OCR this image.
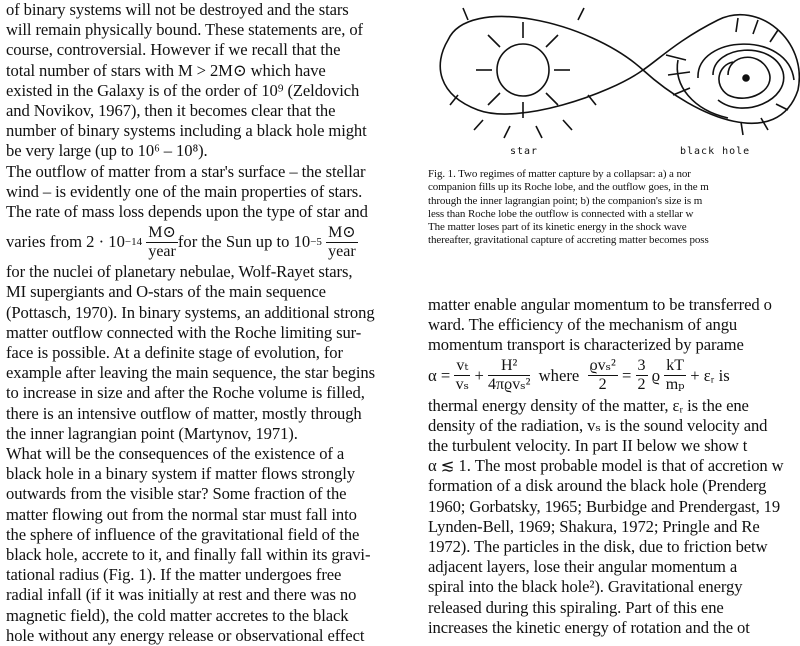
of binary systems will not be destroyed and the stars
will remain physically bound. These statements are, of
course, controversial. However if we recall that the
total number of stars with M > 2M⊙ which have
existed in the Galaxy is of the order of 10⁹ (Zeldovich
and Novikov, 1967), then it becomes clear that the
number of binary systems including a black hole might
be very large (up to 10⁶ – 10⁸).
The outflow of matter from a star's surface – the stellar
wind – is evidently one of the main properties of stars.
The rate of mass loss depends upon the type of star and
varies from 2 · 10 −14
$\frac{M⊙}{\text{year}}$ for the Sun up to 10 −5
$\frac{M⊙}{\text{year}}$
for the nuclei of planetary nebulae, Wolf-Rayet stars,
MI supergiants and O-stars of the main sequence
(Pottasch, 1970). In binary systems, an additional strong
matter outflow connected with the Roche limiting sur-
face is possible. At a definite stage of evolution, for
example after leaving the main sequence, the star begins
to increase in size and after the Roche volume is filled,
there is an intensive outflow of matter, mostly through
the inner lagrangian point (Martynov, 1971).
What will be the consequences of the existence of a
black hole in a binary system if matter flows strongly
outwards from the visible star? Some fraction of the
matter flowing out from the normal star must fall into
the sphere of influence of the gravitational field of the
black hole, accrete to it, and finally fall within its gravi-
tational radius (Fig. 1). If the matter undergoes free
radial infall (if it was initially at rest and there was no
magnetic field), the cold matter accretes to the black
hole without any energy release or observational effect
star	black hole
Fig. 1. Two regimes of matter capture by a collapsar: a) a nor
companion fills up its Roche lobe, and the outflow goes, in the m
through the inner lagrangian point; b) the companion's size is m
less than Roche lobe the outflow is connected with a stellar w
The matter loses part of its kinetic energy in the shock wave
thereafter, gravitational capture of accreting matter becomes poss
matter enable angular momentum to be transferred o
ward. The efficiency of the mechanism of angu
momentum transport is characterized by parame
α =
$\frac{\text{vₜ}}{\text{vₛ}} + \frac{\text{H²}}{\text{4πϱvₛ²}}$
where
$\frac{\text{ϱvₛ²}}{2} = \frac{3}{2}$ ϱ $\frac{kT}{\text{mₚ}}$
+ εᵣ is
thermal energy density of the matter, εᵣ is the ene
density of the radiation, vₛ is the sound velocity and
the turbulent velocity. In part II below we show t
α ≲ 1. The most probable model is that of accretion w
formation of a disk around the black hole (Prenderg
1960; Gorbatsky, 1965; Burbidge and Prendergast, 19
Lynden-Bell, 1969; Shakura, 1972; Pringle and Re
1972). The particles in the disk, due to friction betw
adjacent layers, lose their angular momentum a
spiral into the black hole²). Gravitational energy
released during this spiraling. Part of this ene
increases the kinetic energy of rotation and the ot
